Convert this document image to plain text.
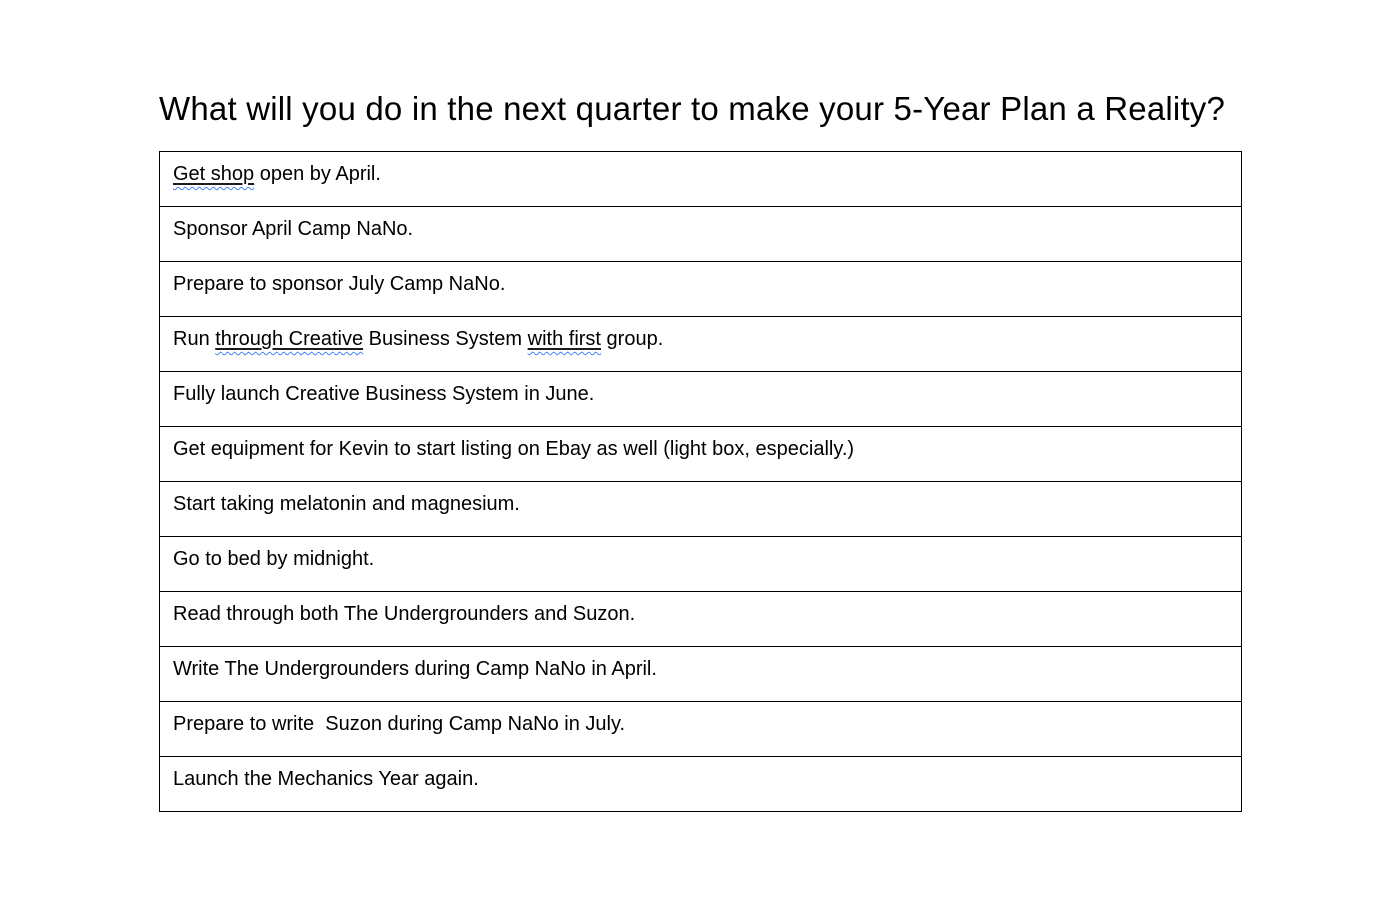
What will you do in the next quarter to make your 5-Year Plan a Reality?
Get shop open by April.
Sponsor April Camp NaNo.
Prepare to sponsor July Camp NaNo.
Run through Creative Business System with first group.
Fully launch Creative Business System in June.
Get equipment for Kevin to start listing on Ebay as well (light box, especially.)
Start taking melatonin and magnesium.
Go to bed by midnight.
Read through both The Undergrounders and Suzon.
Write The Undergrounders during Camp NaNo in April.
Prepare to write  Suzon during Camp NaNo in July.
Launch the Mechanics Year again.
